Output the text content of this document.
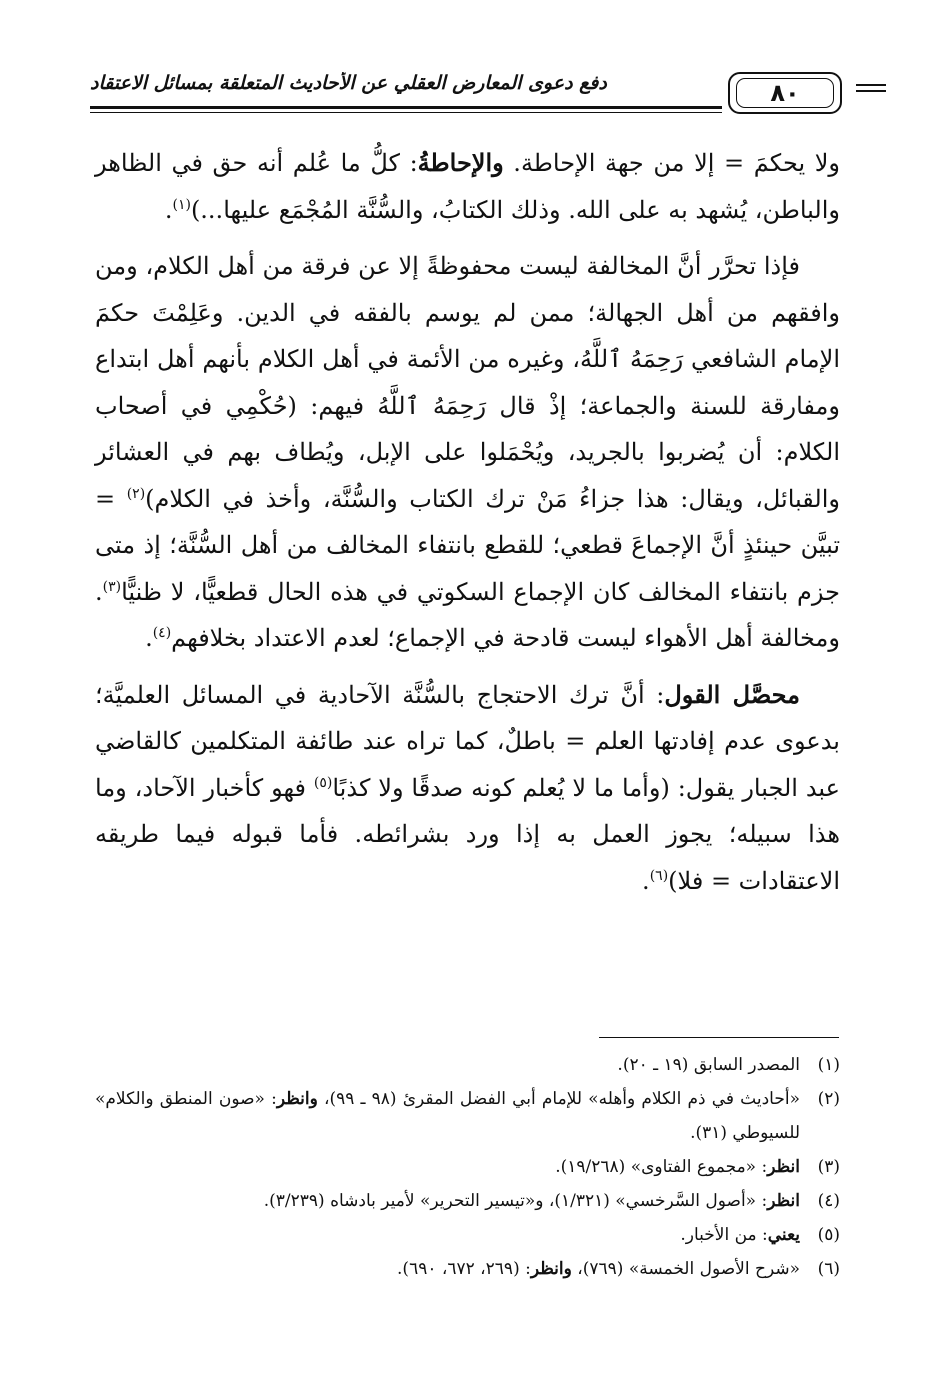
٨٠
دفع دعوى المعارض العقلي عن الأحاديث المتعلقة بمسائل الاعتقاد

ولا يحكمَ = إلا من جهة الإحاطة. والإحاطةُ: كلُّ ما عُلم أنه حق في الظاهر والباطن، يُشهد به على الله. وذلك الكتابُ، والسُّنَّة المُجْمَع عليها...)$^{(١)}$.

فإذا تحرَّر أنَّ المخالفة ليست محفوظةً إلا عن فرقة من أهل الكلام، ومن وافقهم من أهل الجهالة؛ ممن لم يوسم بالفقه في الدين. وعَلِمْتَ حكمَ الإمام الشافعي رَحِمَهُ ٱللَّهُ، وغيره من الأئمة في أهل الكلام بأنهم أهل ابتداع ومفارقة للسنة والجماعة؛ إذْ قال رَحِمَهُ ٱللَّهُ فيهم: (حُكْمِي في أصحاب الكلام: أن يُضربوا بالجريد، ويُحْمَلوا على الإبل، ويُطاف بهم في العشائر والقبائل، ويقال: هذا جزاءُ مَنْ ترك الكتاب والسُّنَّة، وأخذ في الكلام)$^{(٢)}$ = تبيَّن حينئذٍ أنَّ الإجماعَ قطعي؛ للقطع بانتفاء المخالف من أهل السُّنَّة؛ إذ متى جزم بانتفاء المخالف كان الإجماع السكوتي في هذه الحال قطعيًّا، لا ظنيًّا$^{(٣)}$. ومخالفة أهل الأهواء ليست قادحة في الإجماع؛ لعدم الاعتداد بخلافهم$^{(٤)}$.

محصَّل القول: أنَّ ترك الاحتجاج بالسُّنَّة الآحادية في المسائل العلميَّة؛ بدعوى عدم إفادتها العلم = باطلٌ، كما تراه عند طائفة المتكلمين كالقاضي عبد الجبار يقول: (وأما ما لا يُعلم كونه صدقًا ولا كذبًا$^{(٥)}$ فهو كأخبار الآحاد، وما هذا سبيله؛ يجوز العمل به إذا ورد بشرائطه. فأما قبوله فيما طريقه الاعتقادات = فلا)$^{(٦)}$.

(١)
المصدر السابق (١٩ ـ ٢٠).
(٢)
«أحاديث في ذم الكلام وأهله» للإمام أبي الفضل المقرئ (٩٨ ـ ٩٩)، وانظر: «صون المنطق والكلام» للسيوطي (٣١).
(٣)
انظر: «مجموع الفتاوى» (١٩/٢٦٨).
(٤)
انظر: «أصول السَّرخسي» (١/٣٢١)، و«تيسير التحرير» لأمير بادشاه (٣/٢٣٩).
(٥)
يعني: من الأخبار.
(٦)
«شرح الأصول الخمسة» (٧٦٩)، وانظر: (٢٦٩، ٦٧٢، ٦٩٠).
